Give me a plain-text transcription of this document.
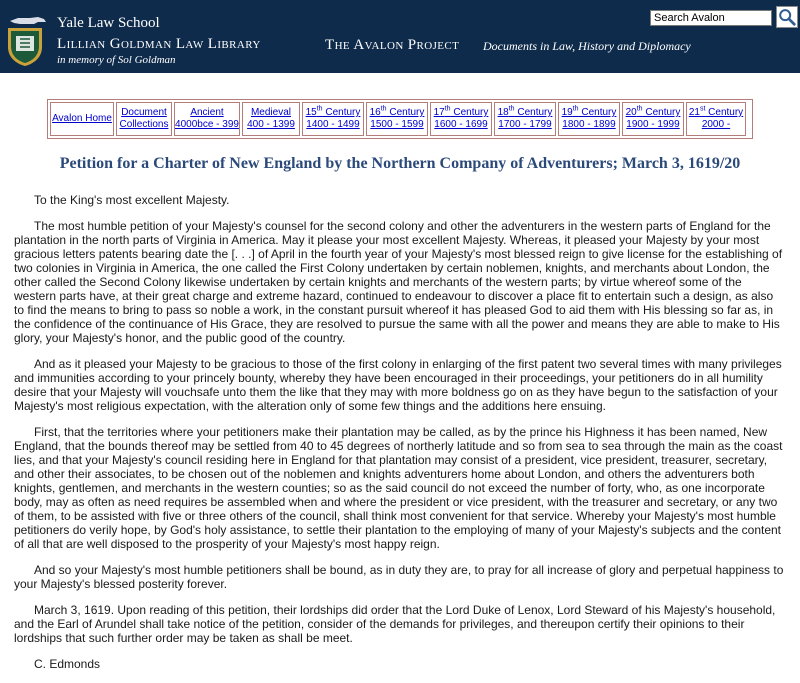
Yale Law School
Lillian Goldman Law Library
in memory of Sol Goldman
The Avalon Project Documents in Law, History and Diplomacy
Search Avalon
Avalon Home
Document
Collections
Ancient
4000bce - 399
Medieval
400 - 1399
15th Century
1400 - 1499
16th Century
1500 - 1599
17th Century
1600 - 1699
18th Century
1700 - 1799
19th Century
1800 - 1899
20th Century
1900 - 1999
21st Century
2000 -
Petition for a Charter of New England by the Northern Company of Adventurers; March 3, 1619/20

To the King's most excellent Majesty.

The most humble petition of your Majesty's counsel for the second colony and other the adventurers in the western parts of England for the plantation in the north parts of Virginia in America. May it please your most excellent Majesty. Whereas, it pleased your Majesty by your most gracious letters patents bearing date the [. . .] of April in the fourth year of your Majesty's most blessed reign to give license for the establishing of two colonies in Virginia in America, the one called the First Colony undertaken by certain noblemen, knights, and merchants about London, the other called the Second Colony likewise undertaken by certain knights and merchants of the western parts; by virtue whereof some of the western parts have, at their great charge and extreme hazard, continued to endeavour to discover a place fit to entertain such a design, as also to find the means to bring to pass so noble a work, in the constant pursuit whereof it has pleased God to aid them with His blessing so far as, in the confidence of the continuance of His Grace, they are resolved to pursue the same with all the power and means they are able to make to His glory, your Majesty's honor, and the public good of the country.

And as it pleased your Majesty to be gracious to those of the first colony in enlarging of the first patent two several times with many privileges and immunities according to your princely bounty, whereby they have been encouraged in their proceedings, your petitioners do in all humility desire that your Majesty will vouchsafe unto them the like that they may with more boldness go on as they have begun to the satisfaction of your Majesty's most religious expectation, with the alteration only of some few things and the additions here ensuing.

First, that the territories where your petitioners make their plantation may be called, as by the prince his Highness it has been named, New England, that the bounds thereof may be settled from 40 to 45 degrees of northerly latitude and so from sea to sea through the main as the coast lies, and that your Majesty's council residing here in England for that plantation may consist of a president, vice president, treasurer, secretary, and other their associates, to be chosen out of the noblemen and knights adventurers home about London, and others the adventurers both knights, gentlemen, and merchants in the western counties; so as the said council do not exceed the number of forty, who, as one incorporate body, may as often as need requires be assembled when and where the president or vice president, with the treasurer and secretary, or any two of them, to be assisted with five or three others of the council, shall think most convenient for that service. Whereby your Majesty's most humble petitioners do verily hope, by God's holy assistance, to settle their plantation to the employing of many of your Majesty's subjects and the content of all that are well disposed to the prosperity of your Majesty's most happy reign.

And so your Majesty's most humble petitioners shall be bound, as in duty they are, to pray for all increase of glory and perpetual happiness to your Majesty's blessed posterity forever.

March 3, 1619. Upon reading of this petition, their lordships did order that the Lord Duke of Lenox, Lord Steward of his Majesty's household, and the Earl of Arundel shall take notice of the petition, consider of the demands for privileges, and thereupon certify their opinions to their lordships that such further order may be taken as shall be meet.

C. Edmonds
